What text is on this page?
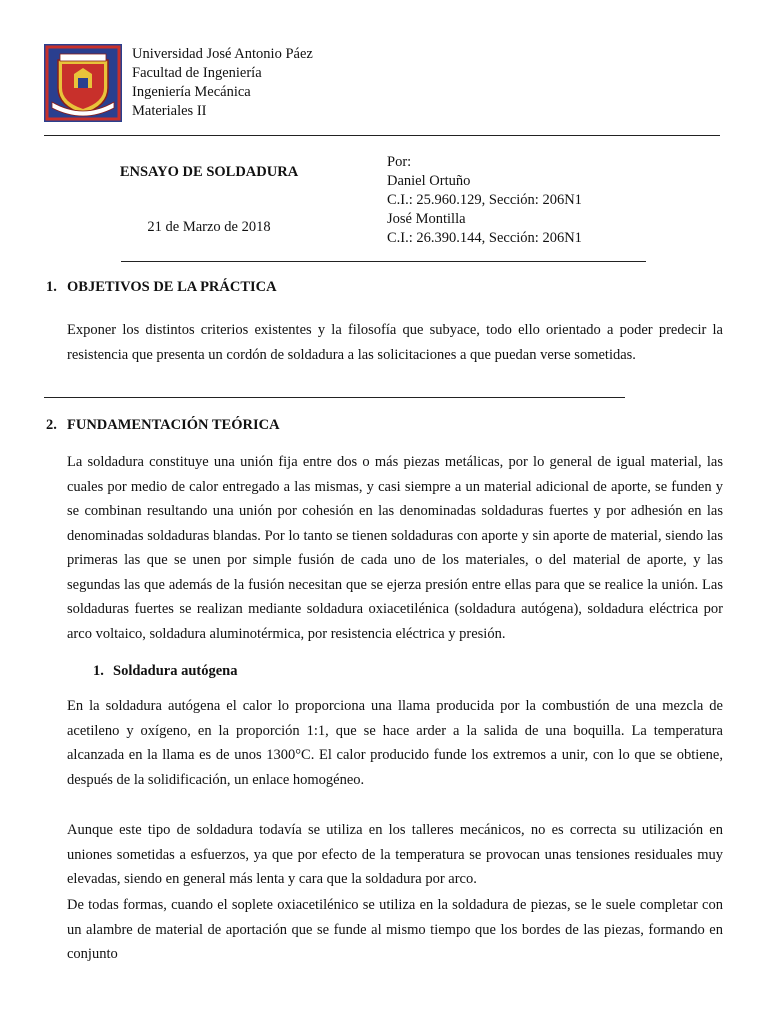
Universidad José Antonio Páez
Facultad de Ingeniería
Ingeniería Mecánica
Materiales II
ENSAYO DE SOLDADURA
21 de Marzo de 2018
Por:
Daniel Ortuño
C.I.: 25.960.129, Sección: 206N1
José Montilla
C.I.: 26.390.144, Sección: 206N1
1. OBJETIVOS DE LA PRÁCTICA
Exponer los distintos criterios existentes y la filosofía que subyace, todo ello orientado a poder predecir la resistencia que presenta un cordón de soldadura a las solicitaciones a que puedan verse sometidas.
2. FUNDAMENTACIÓN TEÓRICA
La soldadura constituye una unión fija entre dos o más piezas metálicas, por lo general de igual material, las cuales por medio de calor entregado a las mismas, y casi siempre a un material adicional de aporte, se funden y se combinan resultando una unión por cohesión en las denominadas soldaduras fuertes y por adhesión en las denominadas soldaduras blandas. Por lo tanto se tienen soldaduras con aporte y sin aporte de material, siendo las primeras las que se unen por simple fusión de cada uno de los materiales, o del material de aporte, y las segundas las que además de la fusión necesitan que se ejerza presión entre ellas para que se realice la unión. Las soldaduras fuertes se realizan mediante soldadura oxiacetilénica (soldadura autógena), soldadura eléctrica por arco voltaico, soldadura aluminotérmica, por resistencia eléctrica y presión.
1. Soldadura autógena
En la soldadura autógena el calor lo proporciona una llama producida por la combustión de una mezcla de acetileno y oxígeno, en la proporción 1:1, que se hace arder a la salida de una boquilla. La temperatura alcanzada en la llama es de unos 1300°C. El calor producido funde los extremos a unir, con lo que se obtiene, después de la solidificación, un enlace homogéneo.
Aunque este tipo de soldadura todavía se utiliza en los talleres mecánicos, no es correcta su utilización en uniones sometidas a esfuerzos, ya que por efecto de la temperatura se provocan unas tensiones residuales muy elevadas, siendo en general más lenta y cara que la soldadura por arco.
De todas formas, cuando el soplete oxiacetilénico se utiliza en la soldadura de piezas, se le suele completar con un alambre de material de aportación que se funde al mismo tiempo que los bordes de las piezas, formando en conjunto
